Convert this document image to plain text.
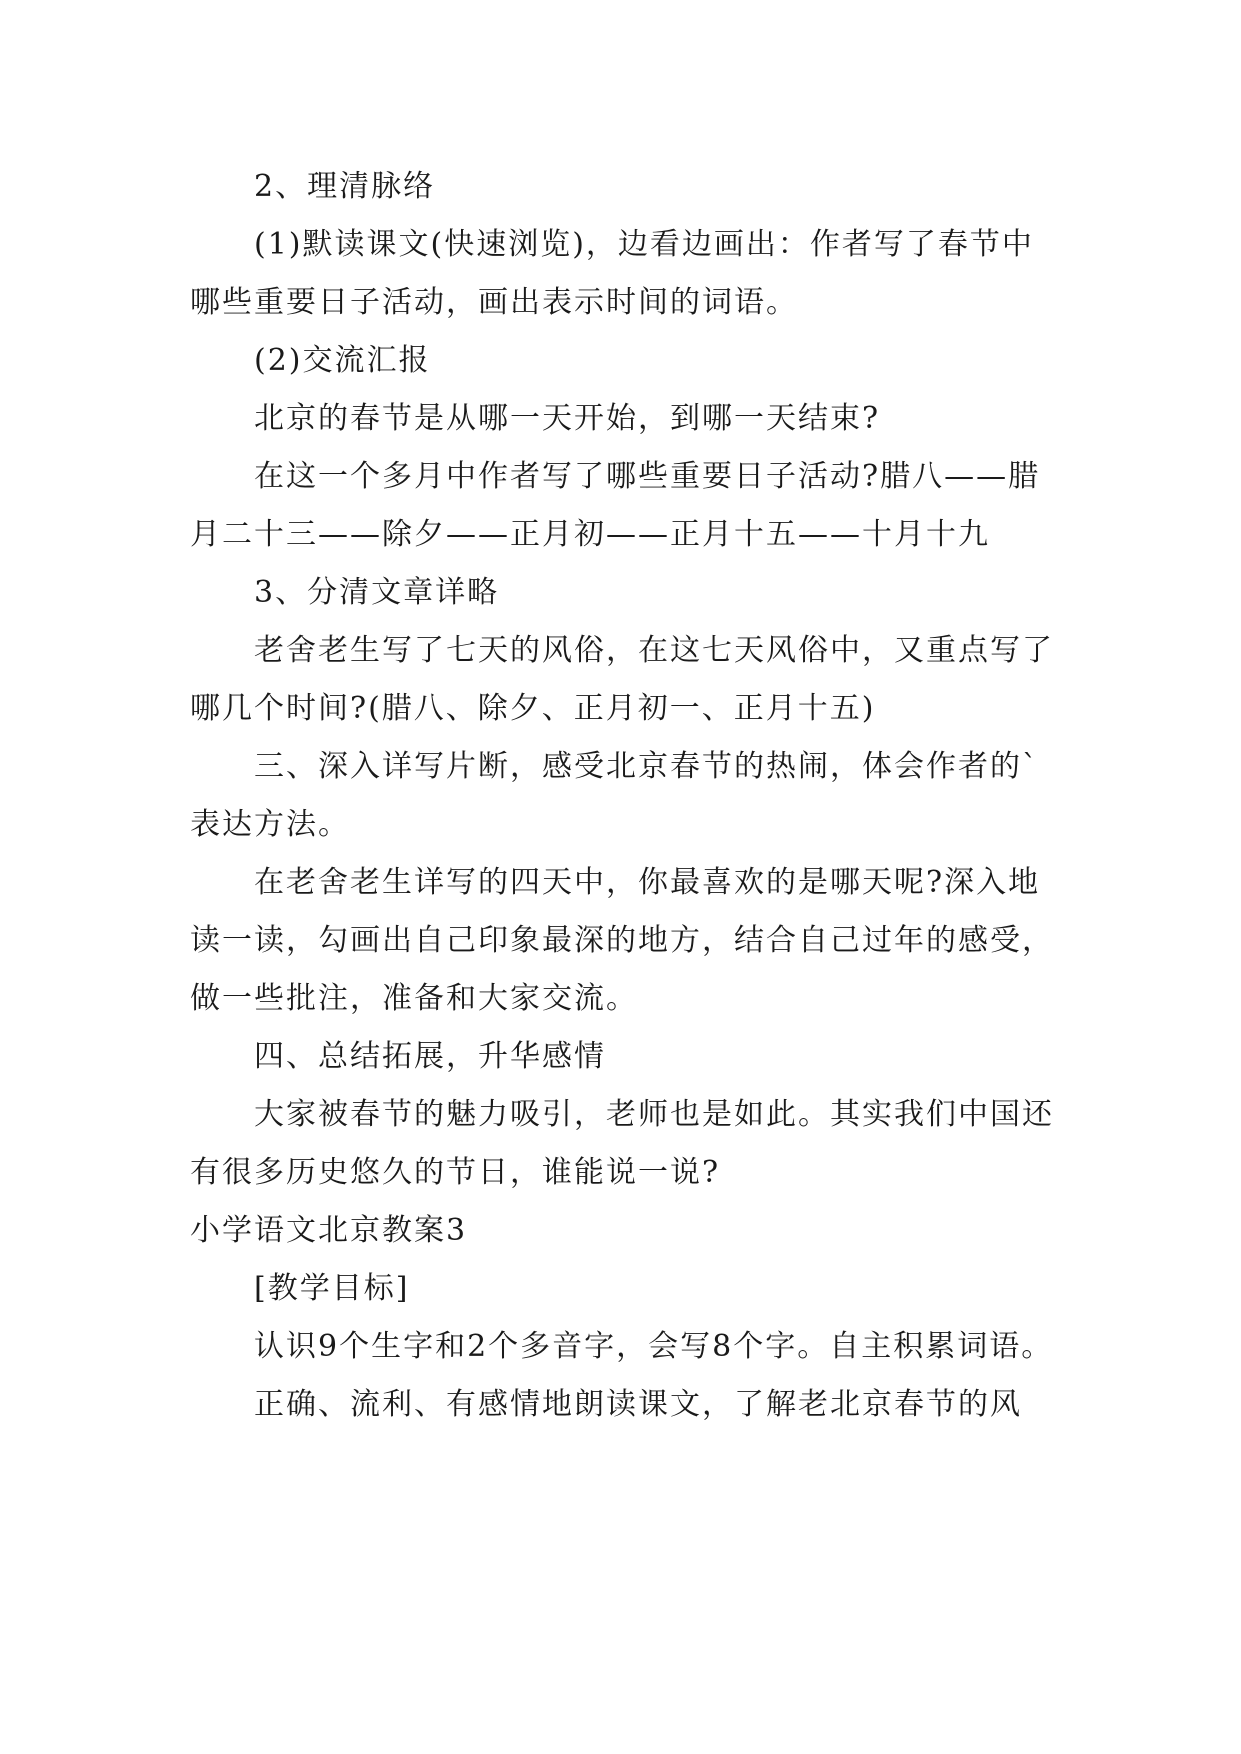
2、理清脉络

(1)默读课文(快速浏览)，边看边画出：作者写了春节中哪些重要日子活动，画出表示时间的词语。

(2)交流汇报

北京的春节是从哪一天开始，到哪一天结束?

在这一个多月中作者写了哪些重要日子活动?腊八——腊月二十三——除夕——正月初——正月十五——十月十九

3、分清文章详略

老舍老生写了七天的风俗，在这七天风俗中，又重点写了哪几个时间?(腊八、除夕、正月初一、正月十五)

三、深入详写片断，感受北京春节的热闹，体会作者的`表达方法。

在老舍老生详写的四天中，你最喜欢的是哪天呢?深入地读一读，勾画出自己印象最深的地方，结合自己过年的感受，做一些批注，准备和大家交流。

四、总结拓展，升华感情

大家被春节的魅力吸引，老师也是如此。其实我们中国还有很多历史悠久的节日，谁能说一说?

小学语文北京教案3

[教学目标]

认识9个生字和2个多音字，会写8个字。自主积累词语。

正确、流利、有感情地朗读课文，了解老北京春节的风
